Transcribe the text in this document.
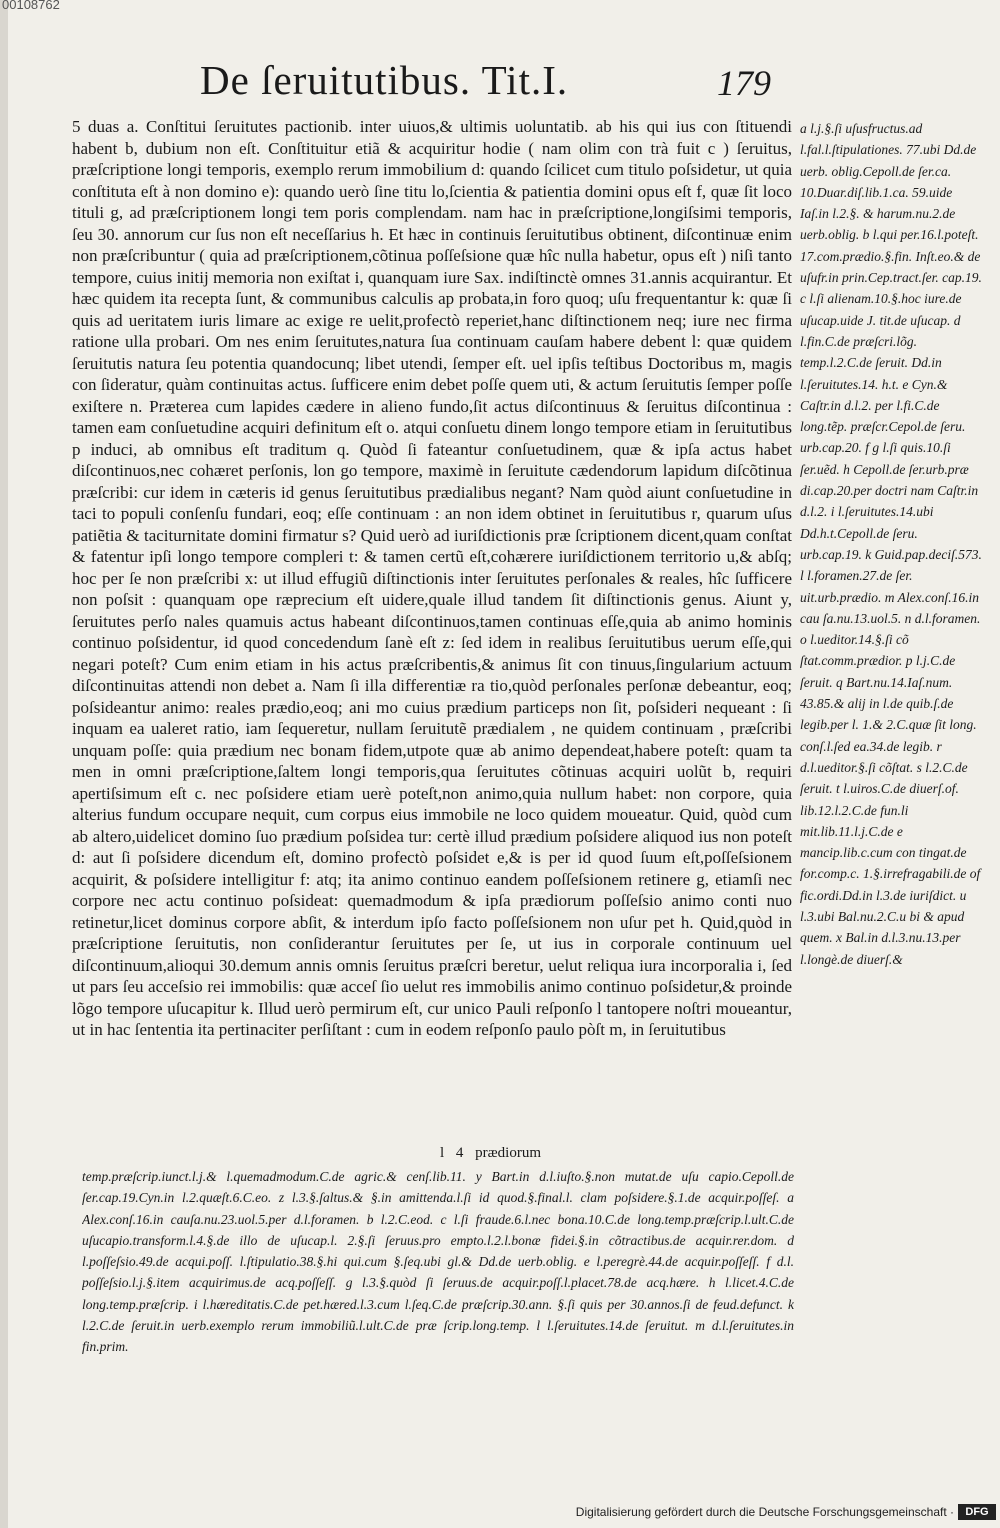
00108762
De ſeruitutibus. Tit.I.	179
5 duas a. Conſtitui ſeruitutes pactionib. inter uiuos,& ultimis uoluntatib. ab his qui ius con ſtituendi habent b, dubium non eſt. Conſtituitur etiã & acquiritur hodie ( nam olim con trà fuit c ) ſeruitus, præſcriptione longi temporis, exemplo rerum immobilium d: quando ſcilicet cum titulo poſsidetur, ut quia conſtituta eſt à non domino e): quando uerò ſine titu lo,ſcientia & patientia domini opus eſt f, quæ ſit loco tituli g, ad præſcriptionem longi tem poris complendam. nam hac in præſcriptione,longiſsimi temporis, ſeu 30. annorum cur ſus non eſt neceſſarius h. Et hæc in continuis ſeruitutibus obtinent, diſcontinuæ enim non præſcribuntur ( quia ad præſcriptionem,cõtinua poſſeſsione quæ hîc nulla habetur, opus eſt ) niſi tanto tempore, cuius initij memoria non exiſtat i, quanquam iure Sax. indiſtinctè omnes 31.annis acquirantur. Et hæc quidem ita recepta ſunt, & communibus calculis ap probata,in foro quoq; uſu frequentantur k: quæ ſi quis ad ueritatem iuris limare ac exige re uelit,profectò reperiet,hanc diſtinctionem neq; iure nec firma ratione ulla probari. Om nes enim ſeruitutes,natura ſua continuam cauſam habere debent l: quæ quidem ſeruitutis natura ſeu potentia quandocunq; libet utendi, ſemper eſt. uel ipſis teſtibus Doctoribus m, magis con ſideratur, quàm continuitas actus. ſufficere enim debet poſſe quem uti, & actum ſeruitutis ſemper poſſe exiſtere n. Præterea cum lapides cædere in alieno fundo,ſit actus diſcontinuus & ſeruitus diſcontinua : tamen eam conſuetudine acquiri definitum eſt o. atqui conſuetu dinem longo tempore etiam in ſeruitutibus p induci, ab omnibus eſt traditum q. Quòd ſi fateantur conſuetudinem, quæ & ipſa actus habet diſcontinuos,nec cohæret perſonis, lon go tempore, maximè in ſeruitute cædendorum lapidum diſcõtinua præſcribi: cur idem in cæteris id genus ſeruitutibus prædialibus negant? Nam quòd aiunt conſuetudine in taci to populi conſenſu fundari, eoq; eſſe continuam : an non idem obtinet in ſeruitutibus r, quarum uſus patiẽtia & taciturnitate domini firmatur s? Quid uerò ad iuriſdictionis præ ſcriptionem dicent,quam conſtat & fatentur ipſi longo tempore compleri t: & tamen certũ eſt,cohærere iuriſdictionem territorio u,& abſq; hoc per ſe non præſcribi x: ut illud effugiũ diſtinctionis inter ſeruitutes perſonales & reales, hîc ſufficere non poſsit : quanquam ope ræprecium eſt uidere,quale illud tandem ſit diſtinctionis genus. Aiunt y, ſeruitutes perſo nales quamuis actus habeant diſcontinuos,tamen continuas eſſe,quia ab animo hominis continuo poſsidentur, id quod concedendum ſanè eſt z: ſed idem in realibus ſeruitutibus uerum eſſe,qui negari poteſt? Cum enim etiam in his actus præſcribentis,& animus ſit con tinuus,ſingularium actuum diſcontinuitas attendi non debet a. Nam ſi illa differentiæ ra tio,quòd perſonales perſonæ debeantur, eoq; poſsideantur animo: reales prædio,eoq; ani mo cuius prædium particeps non ſit, poſsideri nequeant : ſi inquam ea ualeret ratio, iam ſequeretur, nullam ſeruitutẽ prædialem , ne quidem continuam , præſcribi unquam poſſe: quia prædium nec bonam fidem,utpote quæ ab animo dependeat,habere poteſt: quam ta men in omni præſcriptione,ſaltem longi temporis,qua ſeruitutes cõtinuas acquiri uolũt b, requiri apertiſsimum eſt c. nec poſsidere etiam uerè poteſt,non animo,quia nullum habet: non corpore, quia alterius fundum occupare nequit, cum corpus eius immobile ne loco quidem moueatur. Quid, quòd cum ab altero,uidelicet domino ſuo prædium poſsidea tur: certè illud prædium poſsidere aliquod ius non poteſt d: aut ſi poſsidere dicendum eſt, domino profectò poſsidet e,& is per id quod ſuum eſt,poſſeſsionem acquirit, & poſsidere intelligitur f: atq; ita animo continuo eandem poſſeſsionem retinere g, etiamſi nec corpore nec actu continuo poſsideat: quemadmodum & ipſa prædiorum poſſeſsio animo conti nuo retinetur,licet dominus corpore abſit, & interdum ipſo facto poſſeſsionem non uſur pet h. Quid,quòd in præſcriptione ſeruitutis, non conſiderantur ſeruitutes per ſe, ut ius in corporale continuum uel diſcontinuum,alioqui 30.demum annis omnis ſeruitus præſcri beretur, uelut reliqua iura incorporalia i, ſed ut pars ſeu acceſsio rei immobilis: quæ acceſ ſio uelut res immobilis animo continuo poſsidetur,& proinde lõgo tempore uſucapitur k. Illud uerò permirum eſt, cur unico Pauli reſponſo l tantopere noſtri moueantur, ut in hac ſententia ita pertinaciter perſiſtant : cum in eodem reſponſo paulo pòſt m, in ſeruitutibus
a l.j.§.ſi uſusfructus.ad l.fal.l.ſtipulationes. 77.ubi Dd.de uerb. oblig.Cepoll.de ſer.ca. 10.Duar.diſ.lib.1.ca. 59.uide Iaſ.in l.2.§. & harum.nu.2.de uerb.oblig. b l.qui per.16.l.poteſt. 17.com.prædio.§.fin. Inſt.eo.& de uſufr.in prin.Cep.tract.ſer. cap.19. c l.ſi alienam.10.§.hoc iure.de uſucap.uide J. tit.de uſucap. d l.fin.C.de præſcri.lõg. temp.l.2.C.de ſeruit. Dd.in l.ſeruitutes.14. h.t. e Cyn.& Caſtr.in d.l.2. per l.fi.C.de long.tẽp. præſcr.Cepol.de ſeru. urb.cap.20. f g l.ſi quis.10.ſi ſer.uẽd. h Cepoll.de ſer.urb.præ di.cap.20.per doctri nam Caſtr.in d.l.2. i l.ſeruitutes.14.ubi Dd.h.t.Cepoll.de ſeru. urb.cap.19. k Guid.pap.deciſ.573. l l.foramen.27.de ſer. uit.urb.prædio. m Alex.conſ.16.in cau ſa.nu.13.uol.5. n d.l.foramen. o l.ueditor.14.§.ſi cõ ſtat.comm.prædior. p l.j.C.de ſeruit. q Bart.nu.14.Iaſ.num. 43.85.& alij in l.de quib.ſ.de legib.per l. 1.& 2.C.quæ ſit long. conſ.l.ſed ea.34.de legib. r d.l.ueditor.§.ſi cõſtat. s l.2.C.de ſeruit. t l.uiros.C.de diuerſ.of. lib.12.l.2.C.de fun.li mit.lib.11.l.j.C.de e mancip.lib.c.cum con tingat.de for.comp.c. 1.§.irrefragabili.de of fic.ordi.Dd.in l.3.de iuriſdict. u l.3.ubi Bal.nu.2.C.u bi & apud quem. x Bal.in d.l.3.nu.13.per l.longè.de diuerſ.&
l 4 prædiorum
temp.præſcrip.iunct.l.j.& l.quemadmodum.C.de agric.& cenſ.lib.11. y Bart.in d.l.iuſto.§.non mutat.de uſu capio.Cepoll.de ſer.cap.19.Cyn.in l.2.quæſt.6.C.eo. z l.3.§.ſaltus.& §.in amittenda.l.ſi id quod.§.final.l. clam poſsidere.§.1.de acquir.poſſeſ. a Alex.conſ.16.in cauſa.nu.23.uol.5.per d.l.foramen. b l.2.C.eod. c l.ſi fraude.6.l.nec bona.10.C.de long.temp.præſcrip.l.ult.C.de uſucapio.transform.l.4.§.de illo de uſucap.l. 2.§.ſi ſeruus.pro empto.l.2.l.bonæ fidei.§.in cõtractibus.de acquir.rer.dom. d l.poſſeſsio.49.de acqui.poſſ. l.ſtipulatio.38.§.hi qui.cum §.ſeq.ubi gl.& Dd.de uerb.oblig. e l.peregrè.44.de acquir.poſſeſſ. f d.l. poſſeſsio.l.j.§.item acquirimus.de acq.poſſeſſ. g l.3.§.quòd ſi ſeruus.de acquir.poſſ.l.placet.78.de acq.hære. h l.licet.4.C.de long.temp.præſcrip. i l.hæreditatis.C.de pet.hæred.l.3.cum l.ſeq.C.de præſcrip.30.ann. §.ſi quis per 30.annos.ſi de feud.defunct. k l.2.C.de ſeruit.in uerb.exemplo rerum immobiliũ.l.ult.C.de præ ſcrip.long.temp. l l.ſeruitutes.14.de ſeruitut. m d.l.ſeruitutes.in fin.prim.
Digitalisierung gefördert durch die Deutsche Forschungsgemeinschaft ·	DFG
